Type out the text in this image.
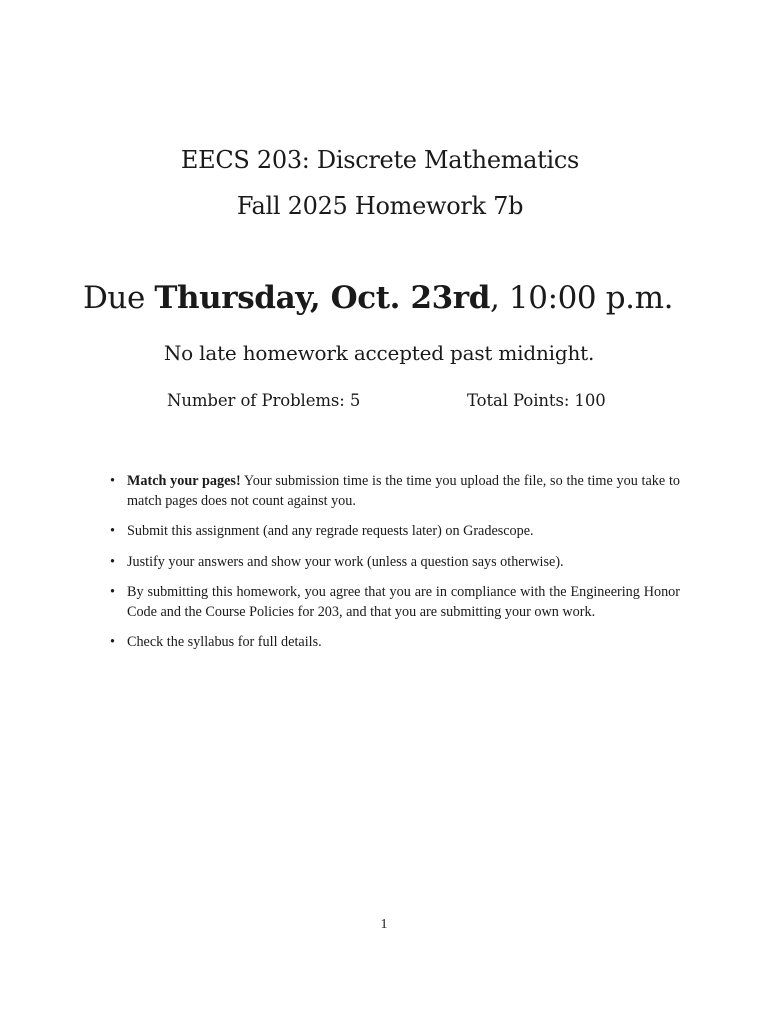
EECS 203: Discrete Mathematics
Fall 2025 Homework 7b
Due Thursday, Oct. 23rd, 10:00 p.m.
No late homework accepted past midnight.
Number of Problems: 5	Total Points: 100
• Match your pages! Your submission time is the time you upload the file, so the time you take to match pages does not count against you.
• Submit this assignment (and any regrade requests later) on Gradescope.
• Justify your answers and show your work (unless a question says otherwise).
• By submitting this homework, you agree that you are in compliance with the Engineering Honor Code and the Course Policies for 203, and that you are submitting your own work.
• Check the syllabus for full details.
1
